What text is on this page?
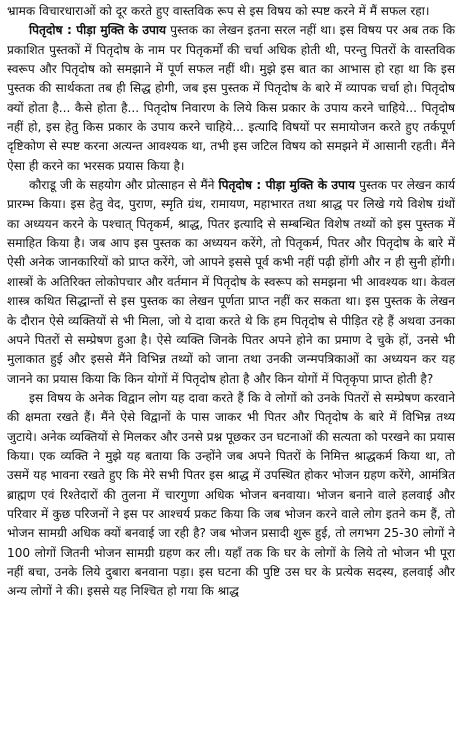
भ्रामक विचारधाराओं को दूर करते हुए वास्तविक रूप से इस विषय को स्पष्ट करने में मैं सफल रहा।

पितृदोष : पीड़ा मुक्ति के उपाय पुस्तक का लेखन इतना सरल नहीं था। इस विषय पर अब तक कि प्रकाशित पुस्तकों में पितृदोष के नाम पर पितृकर्मों की चर्चा अधिक होती थी, परन्तु पितरों के वास्तविक स्वरूप और पितृदोष को समझाने में पूर्ण सफल नहीं थी। मुझे इस बात का आभास हो रहा था कि इस पुस्तक की सार्थकता तब ही सिद्ध होगी, जब इस पुस्तक में पितृदोष के बारे में व्यापक चर्चा हो। पितृदोष क्यों होता है... कैसे होता है... पितृदोष निवारण के लिये किस प्रकार के उपाय करने चाहिये... पितृदोष नहीं हो, इस हेतु किस प्रकार के उपाय करने चाहिये... इत्यादि विषयों पर समायोजन करते हुए तर्कपूर्ण दृष्टिकोण से स्पष्ट करना अत्यन्त आवश्यक था, तभी इस जटिल विषय को समझने में आसानी रहती। मैंने ऐसा ही करने का भरसक प्रयास किया है।

कौराडू जी के सहयोग और प्रोत्साहन से मैंने पितृदोष : पीड़ा मुक्ति के उपाय पुस्तक पर लेखन कार्य प्रारम्भ किया। इस हेतु वेद, पुराण, स्मृति ग्रंथ, रामायण, महाभारत तथा श्राद्ध पर लिखे गये विशेष ग्रंथों का अध्ययन करने के पश्चात् पितृकर्म, श्राद्ध, पितर इत्यादि से सम्बन्धित विशेष तथ्यों को इस पुस्तक में समाहित किया है। जब आप इस पुस्तक का अध्ययन करेंगे, तो पितृकर्म, पितर और पितृदोष के बारे में ऐसी अनेक जानकारियों को प्राप्त करेंगे, जो आपने इससे पूर्व कभी नहीं पढ़ी होंगी और न ही सुनी होंगी। शास्त्रों के अतिरिक्त लोकोपचार और वर्तमान में पितृदोष के स्वरूप को समझना भी आवश्यक था। केवल शास्त्र कथित सिद्धान्तों से इस पुस्तक का लेखन पूर्णता प्राप्त नहीं कर सकता था। इस पुस्तक के लेखन के दौरान ऐसे व्यक्तियों से भी मिला, जो ये दावा करते थे कि हम पितृदोष से पीड़ित रहे हैं अथवा उनका अपने पितरों से सम्प्रेषण हुआ है। ऐसे व्यक्ति जिनके पितर अपने होने का प्रमाण दे चुके हों, उनसे भी मुलाकात हुई और इससे मैंने विभिन्न तथ्यों को जाना तथा उनकी जन्मपत्रिकाओं का अध्ययन कर यह जानने का प्रयास किया कि किन योगों में पितृदोष होता है और किन योगों में पितृकृपा प्राप्त होती है?

इस विषय के अनेक विद्वान लोग यह दावा करते हैं कि वे लोगों को उनके पितरों से सम्प्रेषण करवाने की क्षमता रखते हैं। मैंने ऐसे विद्वानों के पास जाकर भी पितर और पितृदोष के बारे में विभिन्न तथ्य जुटाये। अनेक व्यक्तियों से मिलकर और उनसे प्रश्न पूछकर उन घटनाओं की सत्यता को परखने का प्रयास किया। एक व्यक्ति ने मुझे यह बताया कि उन्होंने जब अपने पितरों के निमित्त श्राद्धकर्म किया था, तो उसमें यह भावना रखते हुए कि मेरे सभी पितर इस श्राद्ध में उपस्थित होकर भोजन ग्रहण करेंगे, आमंत्रित ब्राह्मण एवं रिश्तेदारों की तुलना में चारगुणा अधिक भोजन बनवाया। भोजन बनाने वाले हलवाई और परिवार में कुछ परिजनों ने इस पर आश्चर्य प्रकट किया कि जब भोजन करने वाले लोग इतने कम हैं, तो भोजन सामग्री अधिक क्यों बनवाई जा रही है? जब भोजन प्रसादी शुरू हुई, तो लगभग 25-30 लोगों ने 100 लोगों जितनी भोजन सामग्री ग्रहण कर ली। यहाँ तक कि घर के लोगों के लिये तो भोजन भी पूरा नहीं बचा, उनके लिये दुबारा बनवाना पड़ा। इस घटना की पुष्टि उस घर के प्रत्येक सदस्य, हलवाई और अन्य लोगों ने की। इससे यह निश्चित हो गया कि श्राद्ध
